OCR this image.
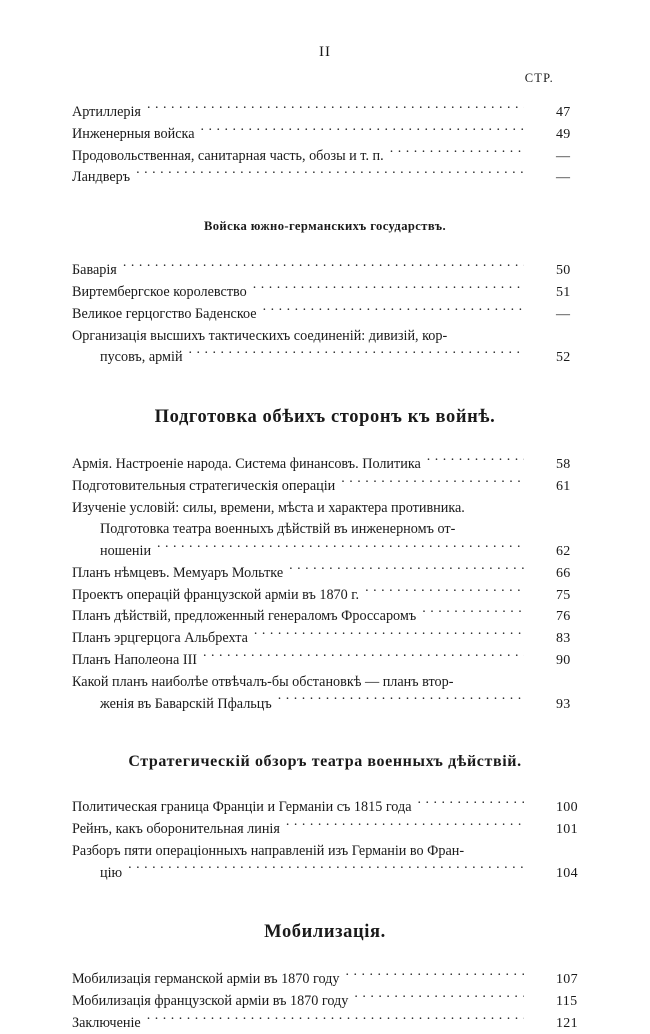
II
СТР.
Артиллерія . . .	47
Инженерныя войска . . .	49
Продовольственная, санитарная часть, обозы и т. п. . . .	—
Ландверъ . . .	—
Войска южно-германскихъ государствъ.
Баварія . . .	50
Виртембергское королевство . . .	51
Великое герцогство Баденское . . .	—
Организація высшихъ тактическихъ соединеній: дивизій, кор-
пусовъ, армій . . .	52
Подготовка обѣихъ сторонъ къ войнѣ.
Армія. Настроеніе народа. Система финансовъ. Политика . . .	58
Подготовительныя стратегическія операціи . . .	61
Изученіе условій: силы, времени, мѣста и характера противника.
Подготовка театра военныхъ дѣйствій въ инженерномъ от-
ношеніи . . .	62
Планъ нѣмцевъ. Мемуаръ Мольтке . . .	66
Проектъ операцій французской арміи въ 1870 г. . . .	75
Планъ дѣйствій, предложенный генераломъ Фроссаромъ . . .	76
Планъ эрцгерцога Альбрехта . . .	83
Планъ Наполеона III . . .	90
Какой планъ наиболѣе отвѣчалъ-бы обстановкѣ — планъ втор-
женія въ Баварскій Пфальцъ . . .	93
Стратегическій обзоръ театра военныхъ дѣйствій.
Политическая граница Франціи и Германіи съ 1815 года . . .	100
Рейнъ, какъ оборонительная линія . . .	101
Разборъ пяти операціонныхъ направленій изъ Германіи во Фран-
цію . . .	104
Мобилизація.
Мобилизація германской арміи въ 1870 году . . .	107
Мобилизація французской арміи въ 1870 году . . .	115
Заключеніе . . .	121
